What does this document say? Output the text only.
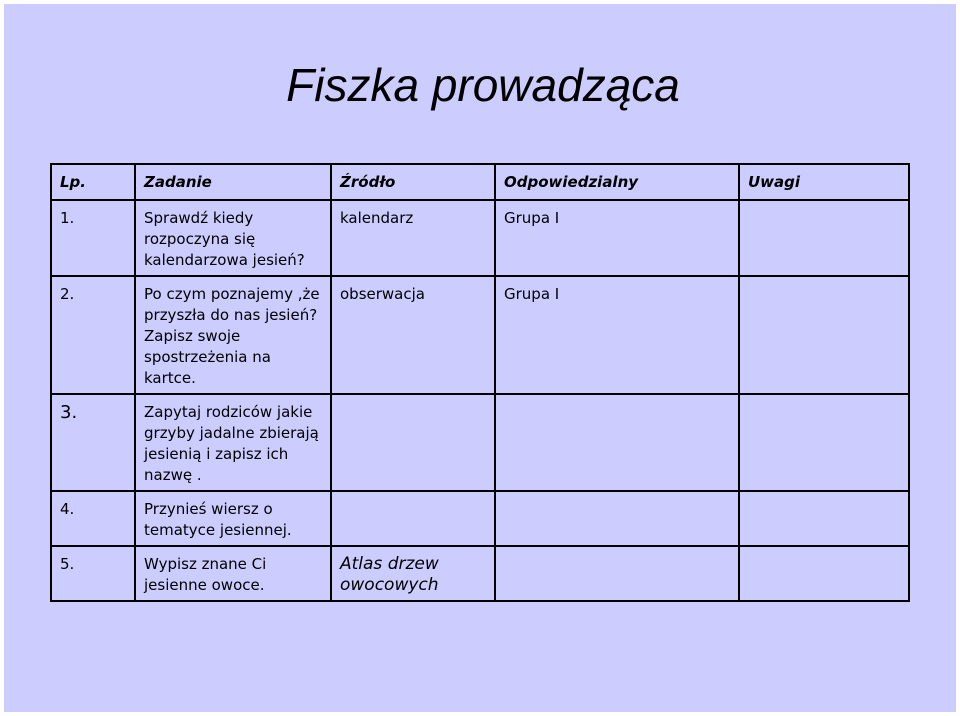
Fiszka prowadząca
Lp.	Zadanie	Źródło	Odpowiedzialny	Uwagi
1.	Sprawdź kiedy
rozpoczyna się
kalendarzowa jesień?	kalendarz	Grupa I	
2.	Po czym poznajemy ,że
przyszła do nas jesień?
Zapisz swoje
spostrzeżenia na
kartce.	obserwacja	Grupa I	
3.	Zapytaj rodziców jakie
grzyby jadalne zbierają
jesienią i zapisz ich
nazwę .			
4.	Przynieś wiersz o
tematyce jesiennej.			
5.	Wypisz znane Ci
jesienne owoce.	Atlas drzew
owocowych		
